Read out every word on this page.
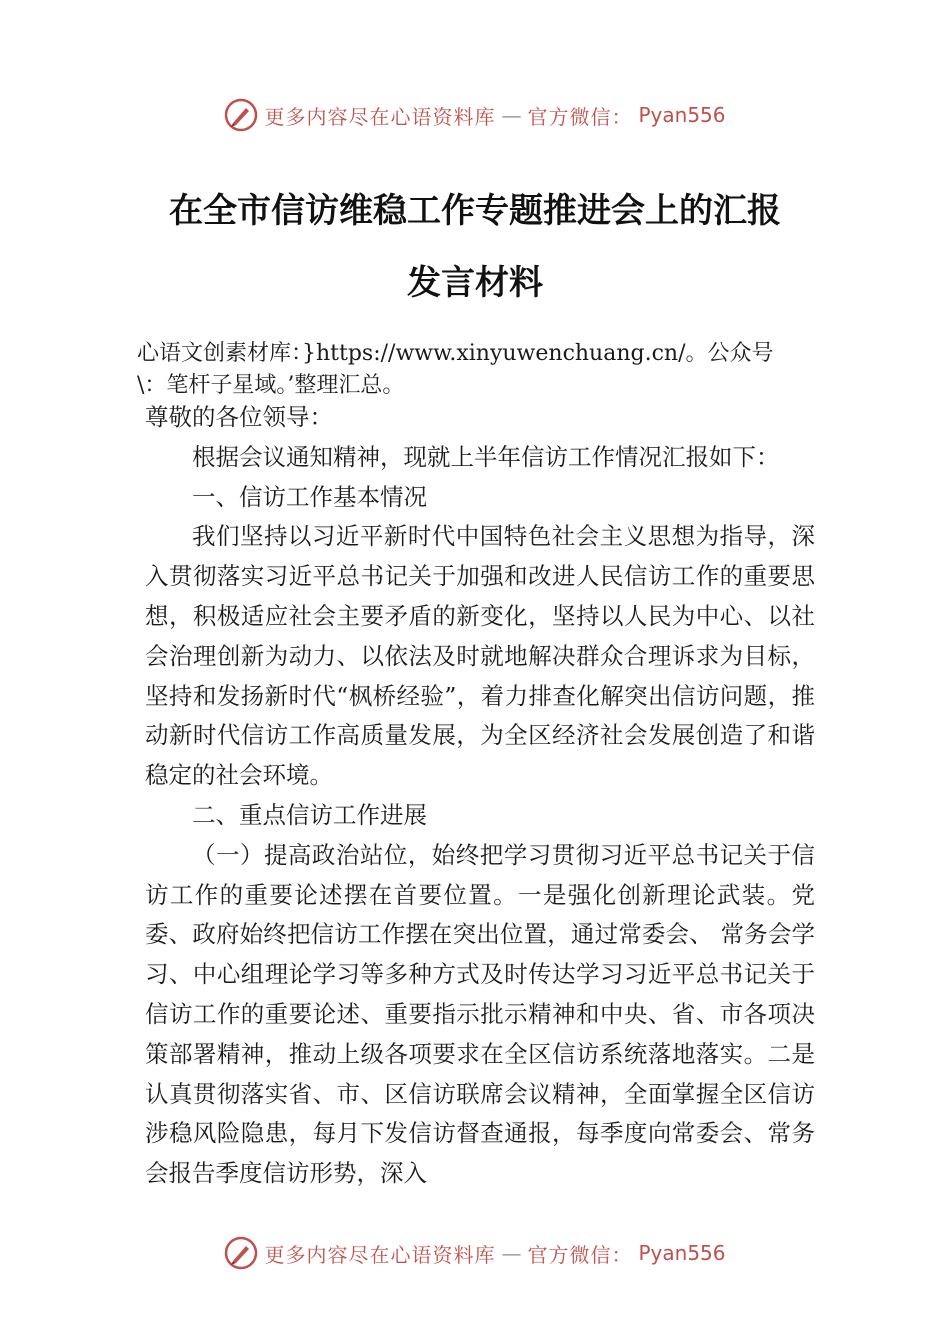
更多内容尽在心语资料库 — 官方微信： Pyan556
在全市信访维稳工作专题推进会上的汇报
发言材料
心语文创素材库：}https://www.xinyuwenchuang.cn/。公众号
\：笔杆子星域。’整理汇总。

尊敬的各位领导：

根据会议通知精神，现就上半年信访工作情况汇报如下：

一、信访工作基本情况

我们坚持以习近平新时代中国特色社会主义思想为指导，深入贯彻落实习近平总书记关于加强和改进人民信访工作的重要思想，积极适应社会主要矛盾的新变化，坚持以人民为中心、以社会治理创新为动力、以依法及时就地解决群众合理诉求为目标，坚持和发扬新时代“枫桥经验”，着力排查化解突出信访问题，推动新时代信访工作高质量发展，为全区经济社会发展创造了和谐稳定的社会环境。

二、重点信访工作进展

（一）提高政治站位，始终把学习贯彻习近平总书记关于信访工作的重要论述摆在首要位置。一是强化创新理论武装。党委、政府始终把信访工作摆在突出位置，通过常委会、 常务会学习、中心组理论学习等多种方式及时传达学习习近平总书记关于信访工作的重要论述、重要指示批示精神和中央、省、市各项决策部署精神，推动上级各项要求在全区信访系统落地落实。二是认真贯彻落实省、市、区信访联席会议精神，全面掌握全区信访涉稳风险隐患，每月下发信访督查通报，每季度向常委会、常务会报告季度信访形势，深入

更多内容尽在心语资料库 — 官方微信： Pyan556
